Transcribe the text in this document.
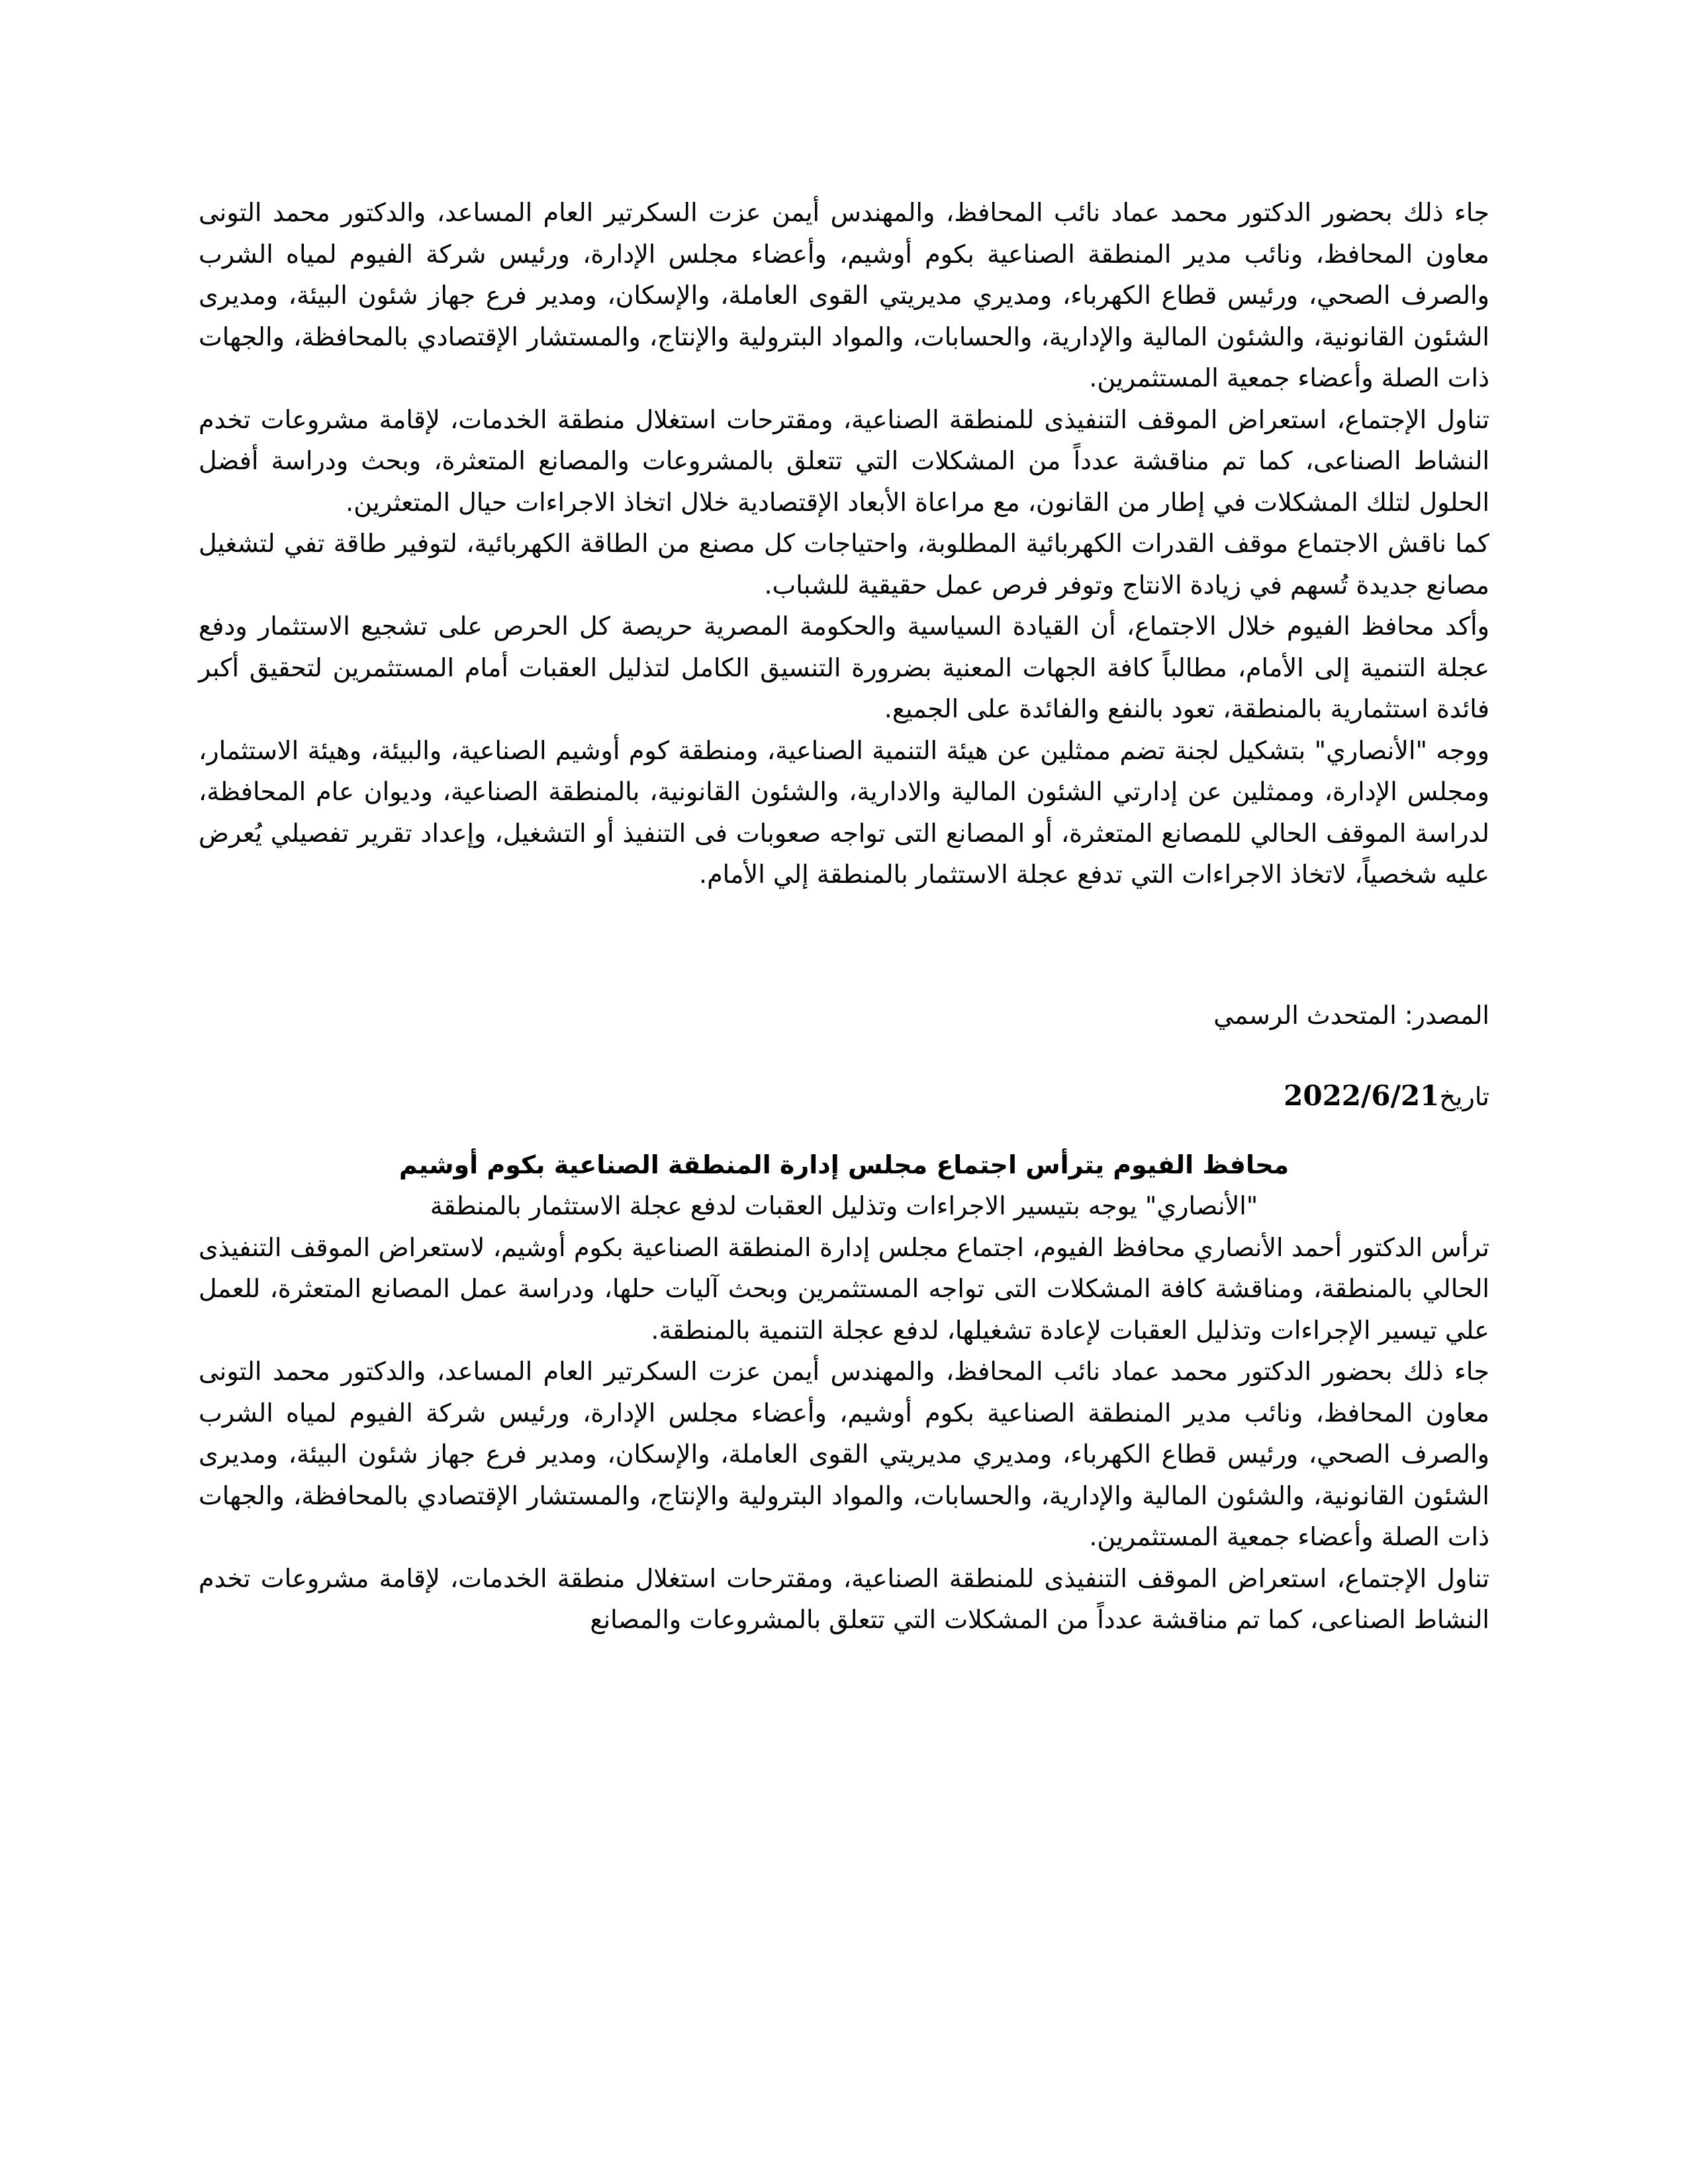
جاء ذلك بحضور الدكتور محمد عماد نائب المحافظ، والمهندس أيمن عزت السكرتير العام المساعد، والدكتور محمد التونى معاون المحافظ، ونائب مدير المنطقة الصناعية بكوم أوشيم، وأعضاء مجلس الإدارة، ورئيس شركة الفيوم لمياه الشرب والصرف الصحي، ورئيس قطاع الكهرباء، ومديري مديريتي القوى العاملة، والإسكان، ومدير فرع جهاز شئون البيئة، ومديرى الشئون القانونية، والشئون المالية والإدارية، والحسابات، والمواد البترولية والإنتاج، والمستشار الإقتصادي بالمحافظة، والجهات ذات الصلة وأعضاء جمعية المستثمرين.

تناول الإجتماع، استعراض الموقف التنفيذى للمنطقة الصناعية، ومقترحات استغلال منطقة الخدمات، لإقامة مشروعات تخدم النشاط الصناعى، كما تم مناقشة عدداً من المشكلات التي تتعلق بالمشروعات والمصانع المتعثرة، وبحث ودراسة أفضل الحلول لتلك المشكلات في إطار من القانون، مع مراعاة الأبعاد الإقتصادية خلال اتخاذ الاجراءات حيال المتعثرين.

كما ناقش الاجتماع موقف القدرات الكهربائية المطلوبة، واحتياجات كل مصنع من الطاقة الكهربائية، لتوفير طاقة تفي لتشغيل مصانع جديدة تُسهم في زيادة الانتاج وتوفر فرص عمل حقيقية للشباب.

وأكد محافظ الفيوم خلال الاجتماع، أن القيادة السياسية والحكومة المصرية حريصة كل الحرص على تشجيع الاستثمار ودفع عجلة التنمية إلى الأمام، مطالباً كافة الجهات المعنية بضرورة التنسيق الكامل لتذليل العقبات أمام المستثمرين لتحقيق أكبر فائدة استثمارية بالمنطقة، تعود بالنفع والفائدة على الجميع.

ووجه "الأنصاري" بتشكيل لجنة تضم ممثلين عن هيئة التنمية الصناعية، ومنطقة كوم أوشيم الصناعية، والبيئة، وهيئة الاستثمار، ومجلس الإدارة، وممثلين عن إدارتي الشئون المالية والادارية، والشئون القانونية، بالمنطقة الصناعية، وديوان عام المحافظة، لدراسة الموقف الحالي للمصانع المتعثرة، أو المصانع التى تواجه صعوبات فى التنفيذ أو التشغيل، وإعداد تقرير تفصيلي يُعرض عليه شخصياً، لاتخاذ الاجراءات التي تدفع عجلة الاستثمار بالمنطقة إلي الأمام.

المصدر: المتحدث الرسمي

تاريخ2022/6/21

محافظ الفيوم يترأس اجتماع مجلس إدارة المنطقة الصناعية بكوم أوشيم

"الأنصاري" يوجه بتيسير الاجراءات وتذليل العقبات لدفع عجلة الاستثمار بالمنطقة

ترأس الدكتور أحمد الأنصاري محافظ الفيوم، اجتماع مجلس إدارة المنطقة الصناعية بكوم أوشيم، لاستعراض الموقف التنفيذى الحالي بالمنطقة، ومناقشة كافة المشكلات التى تواجه المستثمرين وبحث آليات حلها، ودراسة عمل المصانع المتعثرة، للعمل علي تيسير الإجراءات وتذليل العقبات لإعادة تشغيلها، لدفع عجلة التنمية بالمنطقة.

جاء ذلك بحضور الدكتور محمد عماد نائب المحافظ، والمهندس أيمن عزت السكرتير العام المساعد، والدكتور محمد التونى معاون المحافظ، ونائب مدير المنطقة الصناعية بكوم أوشيم، وأعضاء مجلس الإدارة، ورئيس شركة الفيوم لمياه الشرب والصرف الصحي، ورئيس قطاع الكهرباء، ومديري مديريتي القوى العاملة، والإسكان، ومدير فرع جهاز شئون البيئة، ومديرى الشئون القانونية، والشئون المالية والإدارية، والحسابات، والمواد البترولية والإنتاج، والمستشار الإقتصادي بالمحافظة، والجهات ذات الصلة وأعضاء جمعية المستثمرين.

تناول الإجتماع، استعراض الموقف التنفيذى للمنطقة الصناعية، ومقترحات استغلال منطقة الخدمات، لإقامة مشروعات تخدم النشاط الصناعى، كما تم مناقشة عدداً من المشكلات التي تتعلق بالمشروعات والمصانع
